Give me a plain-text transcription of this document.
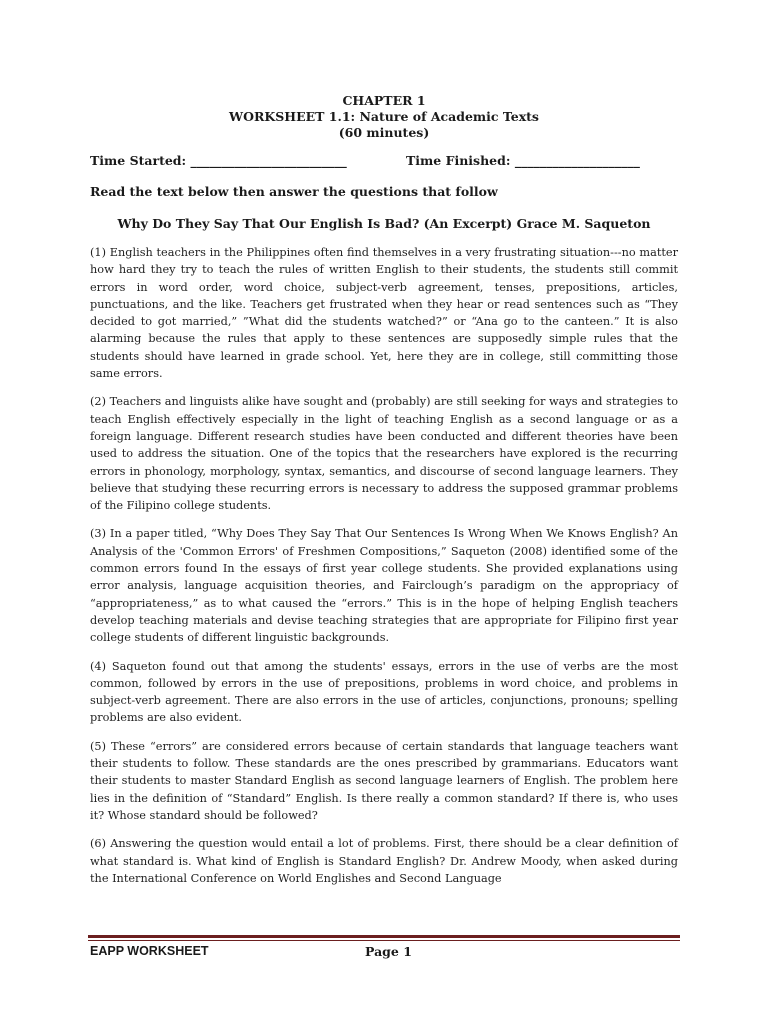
CHAPTER 1
WORKSHEET 1.1: Nature of Academic Texts
(60 minutes)
Time Started: _________________________	Time Finished: ____________________
Read the text below then answer the questions that follow
Why Do They Say That Our English Is Bad? (An Excerpt) Grace M. Saqueton

(1) English teachers in the Philippines often find themselves in a very frustrating situation---no matter how hard they try to teach the rules of written English to their students, the students still commit errors in word order, word choice, subject-verb agreement, tenses, prepositions, articles, punctuations, and the like. Teachers get frustrated when they hear or read sentences such as “They decided to got married,” ”What did the students watched?” or “Ana go to the canteen.” It is also alarming because the rules that apply to these sentences are supposedly simple rules that the students should have learned in grade school. Yet, here they are in college, still committing those same errors.

(2) Teachers and linguists alike have sought and (probably) are still seeking for ways and strategies to teach English effectively especially in the light of teaching English as a second language or as a foreign language. Different research studies have been conducted and different theories have been used to address the situation. One of the topics that the researchers have explored is the recurring errors in phonology, morphology, syntax, semantics, and discourse of second language learners. They believe that studying these recurring errors is necessary to address the supposed grammar problems of the Filipino college students.

(3) In a paper titled, “Why Does They Say That Our Sentences Is Wrong When We Knows English? An Analysis of the 'Common Errors' of Freshmen Compositions,” Saqueton (2008) identified some of the common errors found In the essays of first year college students. She provided explanations using error analysis, language acquisition theories, and Fairclough’s paradigm on the appropriacy of “appropriateness,” as to what caused the “errors.” This is in the hope of helping English teachers develop teaching materials and devise teaching strategies that are appropriate for Filipino first year college students of different linguistic backgrounds.

(4) Saqueton found out that among the students' essays, errors in the use of verbs are the most common, followed by errors in the use of prepositions, problems in word choice, and problems in subject-verb agreement. There are also errors in the use of articles, conjunctions, pronouns; spelling problems are also evident.

(5) These “errors” are considered errors because of certain standards that language teachers want their students to follow. These standards are the ones prescribed by grammarians. Educators want their students to master Standard English as second language learners of English. The problem here lies in the definition of “Standard” English. Is there really a common standard? If there is, who uses it? Whose standard should be followed?

(6) Answering the question would entail a lot of problems. First, there should be a clear definition of what standard is. What kind of English is Standard English? Dr. Andrew Moody, when asked during the International Conference on World Englishes and Second Language

EAPP WORKSHEET	Page 1
